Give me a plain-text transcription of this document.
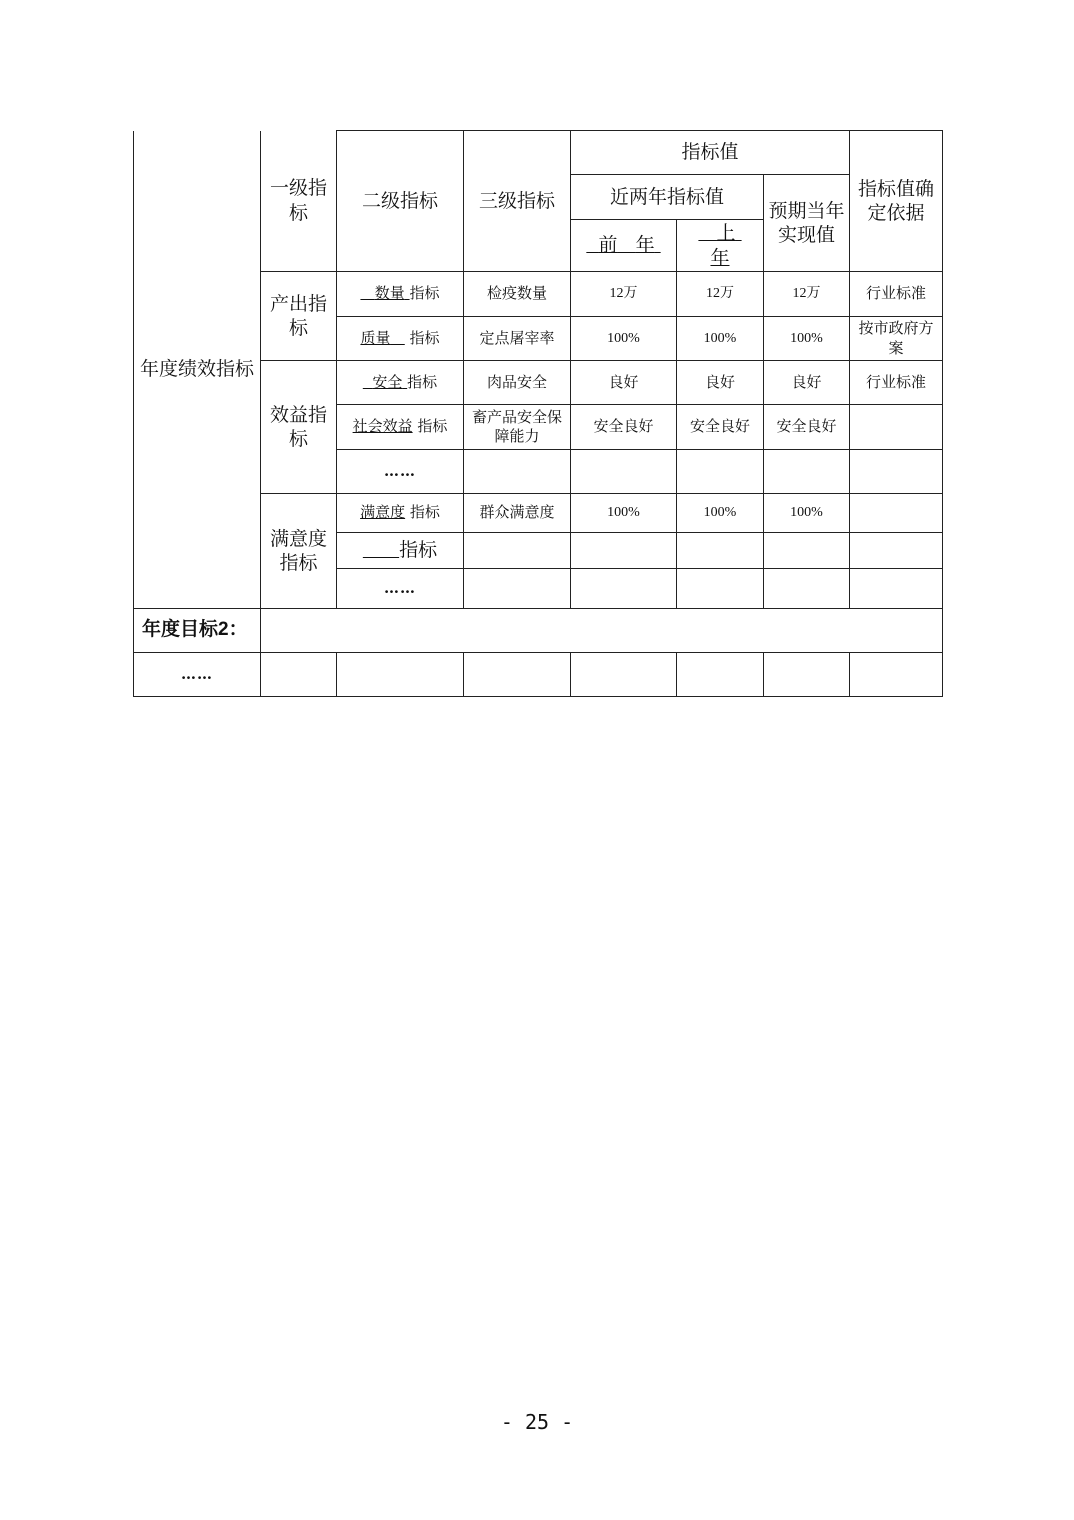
年度绩效指标	一级指标	二级指标	三级指标	指标值			指标值确定依据
				近两年指标值		预期当年实现值	
				前 年	上
年		
	产出指标	数量 指标	检疫数量	12万	12万	12万	行业标准
		质量 指标	定点屠宰率	100%	100%	100%	按市政府方案
	效益指标	安全 指标	肉品安全	良好	良好	良好	行业标准
		社会效益 指标	畜产品安全保障能力	安全良好	安全良好	安全良好	
		……					
	满意度指标	满意度 指标	群众满意度	100%	100%	100%	
		指标					
		……					
年度目标2：							
……							
- 25 -
